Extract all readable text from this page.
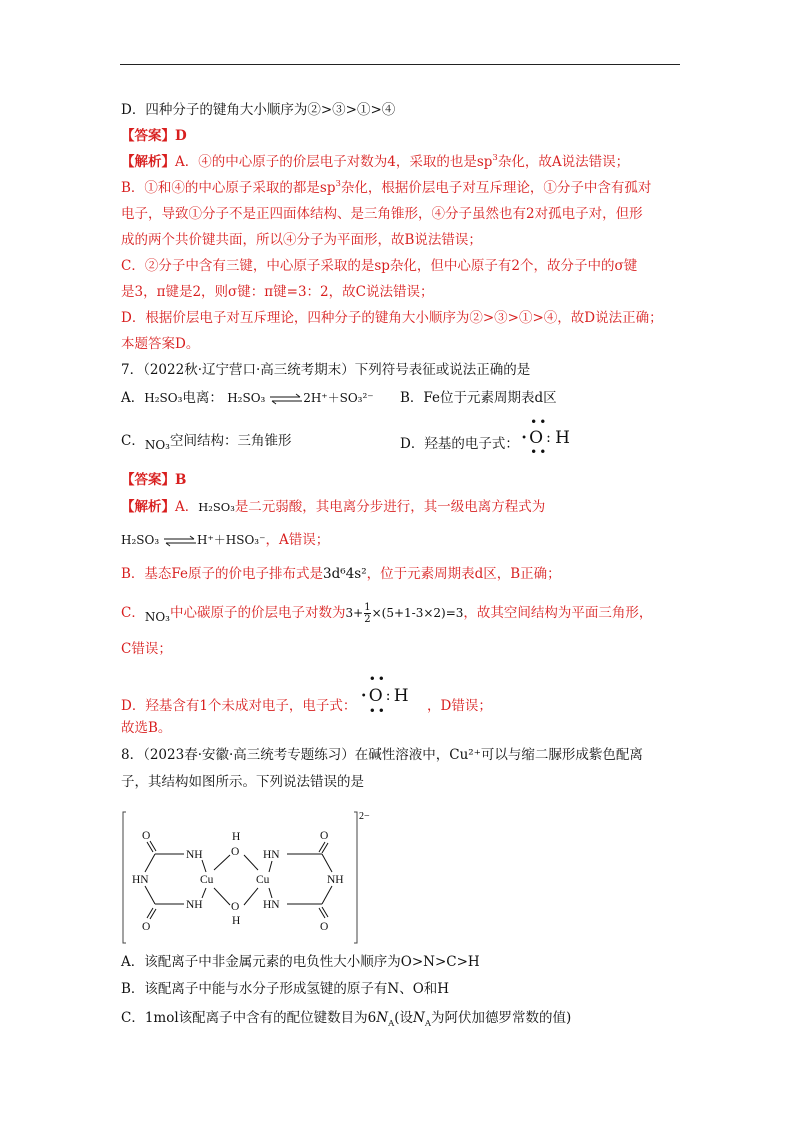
D．四种分子的键角大小顺序为②>③>①>④
【答案】D
【解析】A．④的中心原子的价层电子对数为4，采取的也是$sp^3$杂化，故A说法错误；
B．①和④的中心原子采取的都是$sp^3$杂化，根据价层电子对互斥理论，①分子中含有孤对
电子，导致①分子不是正四面体结构、是三角锥形，④分子虽然也有2对孤电子对，但形
成的两个共价键共面，所以④分子为平面形，故B说法错误；
C．②分子中含有三键，中心原子采取的是sp杂化，但中心原子有2个，故分子中的σ键
是3，π键是2，则σ键：π键=3：2，故C说法错误；
D．根据价层电子对互斥理论，四种分子的键角大小顺序为②>③>①>④，故D说法正确；
本题答案D。
7．（2022秋·辽宁营口·高三统考期末）下列符号表征或说法正确的是
A．H₂SO₃电离： H₂SO₃ ⇌2H⁺＋SO₃²⁻ B．Fe位于元素周期表d区
C．NO₃空间结构：三角锥形	D．羟基的电子式：
••
••
• O : H
【答案】B
【解析】A．H₂SO₃是二元弱酸，其电离分步进行，其一级电离方程式为
H₂SO₃ ⇌H⁺＋HSO₃⁻，A错误；
B．基态Fe原子的价电子排布式是3d⁶4s²，位于元素周期表d区，B正确；
C．NO₃中心碳原子的价层电子对数为$3+ \frac{1}{2} \times(5+1-3\times 2)=3$，故其空间结构为平面三角形，
C错误；
D．羟基含有1个未成对电子，电子式：
••
••
• O : H ，D错误；
故选B。
8．（2023春·安徽·高三统考专题练习）在碱性溶液中，Cu²⁺可以与缩二脲形成紫色配离
子，其结构如图所示。下列说法错误的是
2−
O
NH
HN	Cu
NH
O
H
O
O
H
Cu
HN
HN
O
NH
O
A．该配离子中非金属元素的电负性大小顺序为O>N>C>H
B．该配离子中能与水分子形成氢键的原子有N、O和H
C．1mol该配离子中含有的配位键数目为$6N_A$(设$N_A$为阿伏加德罗常数的值)
